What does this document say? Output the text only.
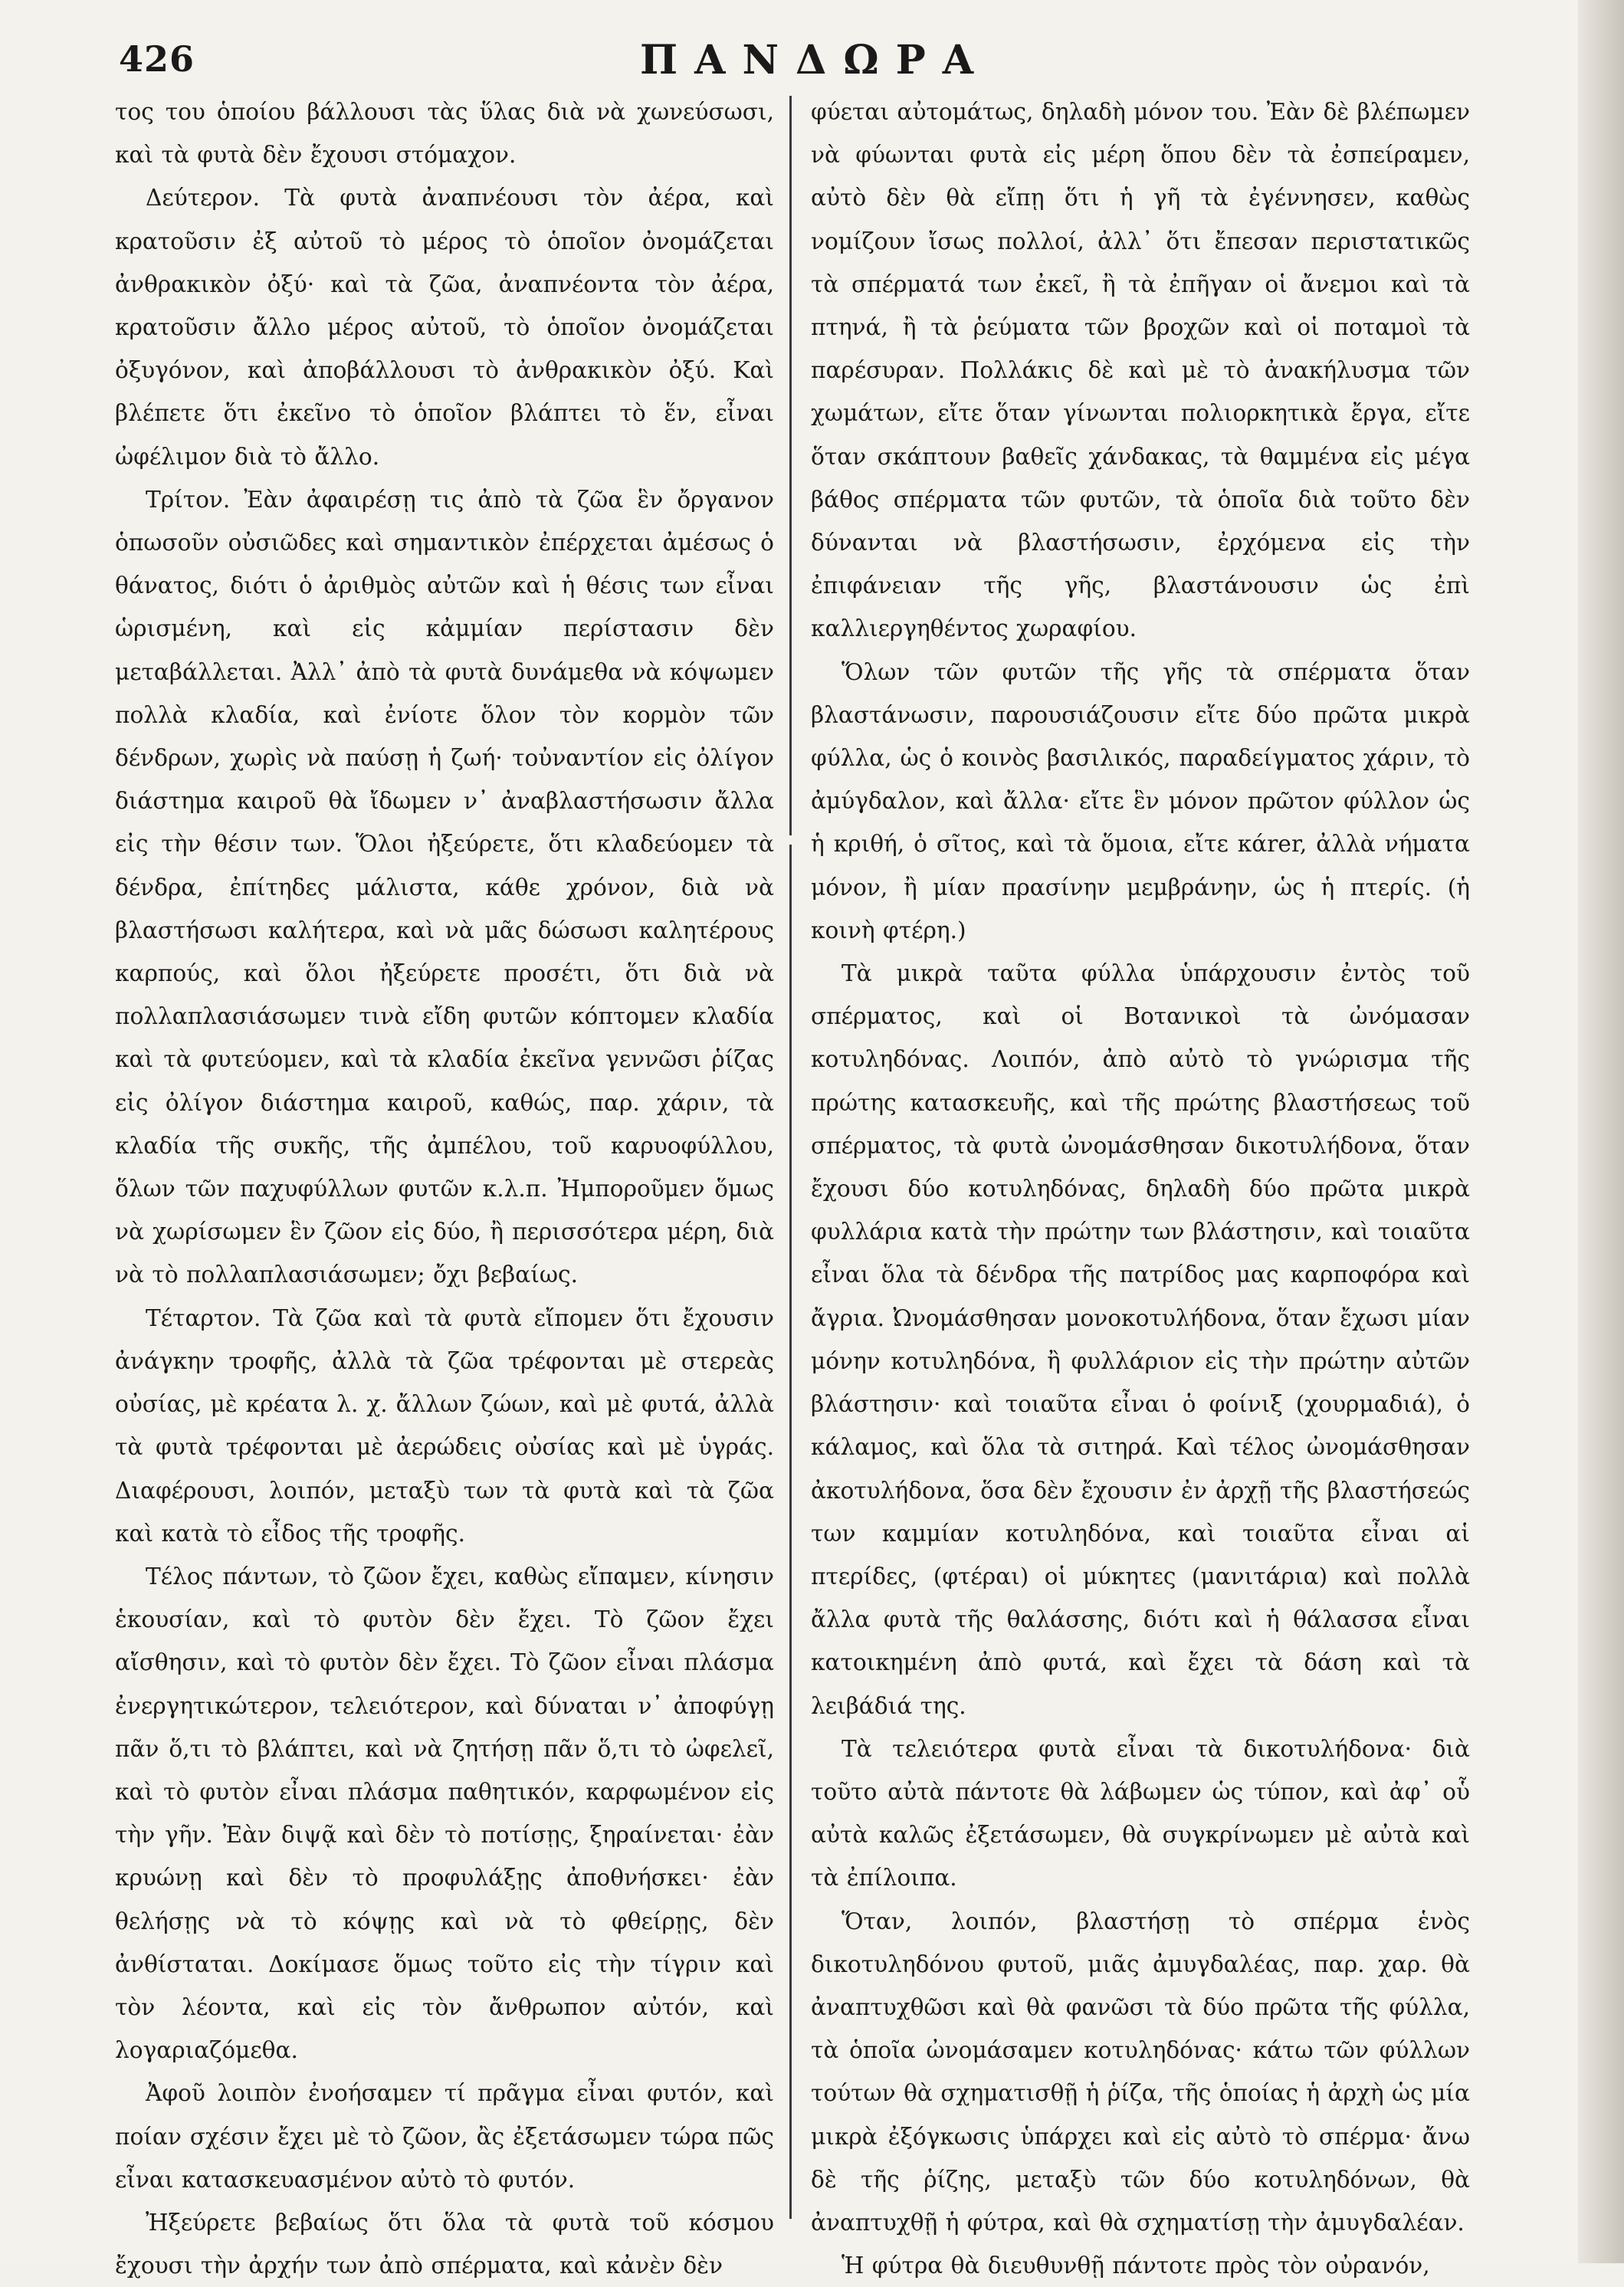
426	ΠΑΝΔΩΡΑ

τος του ὁποίου βάλλουσι τὰς ὕλας διὰ νὰ χωνεύσωσι, καὶ τὰ φυτὰ δὲν ἔχουσι στόμαχον.

Δεύτερον. Τὰ φυτὰ ἀναπνέουσι τὸν ἀέρα, καὶ κρατοῦσιν ἐξ αὐτοῦ τὸ μέρος τὸ ὁποῖον ὀνομάζεται ἀνθρακικὸν ὀξύ· καὶ τὰ ζῶα, ἀναπνέοντα τὸν ἀέρα, κρατοῦσιν ἄλλο μέρος αὐτοῦ, τὸ ὁποῖον ὀνομάζεται ὀξυγόνον, καὶ ἀποβάλλουσι τὸ ἀνθρακικὸν ὀξύ. Καὶ βλέπετε ὅτι ἐκεῖνο τὸ ὁποῖον βλάπτει τὸ ἕν, εἶναι ὠφέλιμον διὰ τὸ ἄλλο.

Τρίτον. Ἐὰν ἀφαιρέσῃ τις ἀπὸ τὰ ζῶα ἓν ὄργανον ὁπωσοῦν οὐσιῶδες καὶ σημαντικὸν ἐπέρχεται ἀμέσως ὁ θάνατος, διότι ὁ ἀριθμὸς αὐτῶν καὶ ἡ θέσις των εἶναι ὡρισμένη, καὶ εἰς κἀμμίαν περίστασιν δὲν μεταβάλλεται. Ἀλλ᾽ ἀπὸ τὰ φυτὰ δυνάμεθα νὰ κόψωμεν πολλὰ κλαδία, καὶ ἐνίοτε ὅλον τὸν κορμὸν τῶν δένδρων, χωρὶς νὰ παύσῃ ἡ ζωή· τοὐναντίον εἰς ὀλίγον διάστημα καιροῦ θὰ ἴδωμεν ν᾽ ἀναβλαστήσωσιν ἄλλα εἰς τὴν θέσιν των. Ὅλοι ἠξεύρετε, ὅτι κλαδεύομεν τὰ δένδρα, ἐπίτηδες μάλιστα, κάθε χρόνον, διὰ νὰ βλαστήσωσι καλήτερα, καὶ νὰ μᾶς δώσωσι καλητέρους καρπούς, καὶ ὅλοι ἠξεύρετε προσέτι, ὅτι διὰ νὰ πολλαπλασιάσωμεν τινὰ εἴδη φυτῶν κόπτομεν κλαδία καὶ τὰ φυτεύομεν, καὶ τὰ κλαδία ἐκεῖνα γεννῶσι ῥίζας εἰς ὀλίγον διάστημα καιροῦ, καθώς, παρ. χάριν, τὰ κλαδία τῆς συκῆς, τῆς ἀμπέλου, τοῦ καρυοφύλλου, ὅλων τῶν παχυφύλλων φυτῶν κ.λ.π. Ἠμποροῦμεν ὅμως νὰ χωρίσωμεν ἓν ζῶον εἰς δύο, ἢ περισσότερα μέρη, διὰ νὰ τὸ πολλαπλασιάσωμεν; ὄχι βεβαίως.

Τέταρτον. Τὰ ζῶα καὶ τὰ φυτὰ εἴπομεν ὅτι ἔχουσιν ἀνάγκην τροφῆς, ἀλλὰ τὰ ζῶα τρέφονται μὲ στερεὰς οὐσίας, μὲ κρέατα λ. χ. ἄλλων ζώων, καὶ μὲ φυτά, ἀλλὰ τὰ φυτὰ τρέφονται μὲ ἀερώδεις οὐσίας καὶ μὲ ὑγράς. Διαφέρουσι, λοιπόν, μεταξὺ των τὰ φυτὰ καὶ τὰ ζῶα καὶ κατὰ τὸ εἶδος τῆς τροφῆς.

Τέλος πάντων, τὸ ζῶον ἔχει, καθὼς εἴπαμεν, κίνησιν ἑκουσίαν, καὶ τὸ φυτὸν δὲν ἔχει. Τὸ ζῶον ἔχει αἴσθησιν, καὶ τὸ φυτὸν δὲν ἔχει. Τὸ ζῶον εἶναι πλάσμα ἐνεργητικώτερον, τελειότερον, καὶ δύναται ν᾽ ἀποφύγῃ πᾶν ὅ,τι τὸ βλάπτει, καὶ νὰ ζητήσῃ πᾶν ὅ,τι τὸ ὠφελεῖ, καὶ τὸ φυτὸν εἶναι πλάσμα παθητικόν, καρφωμένον εἰς τὴν γῆν. Ἐὰν διψᾷ καὶ δὲν τὸ ποτίσῃς, ξηραίνεται· ἐὰν κρυώνῃ καὶ δὲν τὸ προφυλάξῃς ἀποθνήσκει· ἐὰν θελήσῃς νὰ τὸ κόψῃς καὶ νὰ τὸ φθείρῃς, δὲν ἀνθίσταται. Δοκίμασε ὅμως τοῦτο εἰς τὴν τίγριν καὶ τὸν λέοντα, καὶ εἰς τὸν ἄνθρωπον αὐτόν, καὶ λογαριαζόμεθα.

Ἀφοῦ λοιπὸν ἐνοήσαμεν τί πρᾶγμα εἶναι φυτόν, καὶ ποίαν σχέσιν ἔχει μὲ τὸ ζῶον, ἂς ἐξετάσωμεν τώρα πῶς εἶναι κατασκευασμένον αὐτὸ τὸ φυτόν.

Ἠξεύρετε βεβαίως ὅτι ὅλα τὰ φυτὰ τοῦ κόσμου ἔχουσι τὴν ἀρχήν των ἀπὸ σπέρματα, καὶ κἀνὲν δὲν

φύεται αὐτομάτως, δηλαδὴ μόνον του. Ἐὰν δὲ βλέπωμεν νὰ φύωνται φυτὰ εἰς μέρη ὅπου δὲν τὰ ἐσπείραμεν, αὐτὸ δὲν θὰ εἴπῃ ὅτι ἡ γῆ τὰ ἐγέννησεν, καθὼς νομίζουν ἴσως πολλοί, ἀλλ᾽ ὅτι ἔπεσαν περιστατικῶς τὰ σπέρματά των ἐκεῖ, ἢ τὰ ἐπῆγαν οἱ ἄνεμοι καὶ τὰ πτηνά, ἢ τὰ ῥεύματα τῶν βροχῶν καὶ οἱ ποταμοὶ τὰ παρέσυραν. Πολλάκις δὲ καὶ μὲ τὸ ἀνακήλυσμα τῶν χωμάτων, εἴτε ὅταν γίνωνται πολιορκητικὰ ἔργα, εἴτε ὅταν σκάπτουν βαθεῖς χάνδακας, τὰ θαμμένα εἰς μέγα βάθος σπέρματα τῶν φυτῶν, τὰ ὁποῖα διὰ τοῦτο δὲν δύνανται νὰ βλαστήσωσιν, ἐρχόμενα εἰς τὴν ἐπιφάνειαν τῆς γῆς, βλαστάνουσιν ὡς ἐπὶ καλλιεργηθέντος χωραφίου.

Ὅλων τῶν φυτῶν τῆς γῆς τὰ σπέρματα ὅταν βλαστάνωσιν, παρουσιάζουσιν εἴτε δύο πρῶτα μικρὰ φύλλα, ὡς ὁ κοινὸς βασιλικός, παραδείγματος χάριν, τὸ ἀμύγδαλον, καὶ ἄλλα· εἴτε ἓν μόνον πρῶτον φύλλον ὡς ἡ κριθή, ὁ σῖτος, καὶ τὰ ὅμοια, εἴτε κάrer, ἀλλὰ νήματα μόνον, ἢ μίαν πρασίνην μεμβράνην, ὡς ἡ πτερίς. (ἡ κοινὴ φτέρη.)

Τὰ μικρὰ ταῦτα φύλλα ὑπάρχουσιν ἐντὸς τοῦ σπέρματος, καὶ οἱ Βοτανικοὶ τὰ ὠνόμασαν κοτυληδόνας. Λοιπόν, ἀπὸ αὐτὸ τὸ γνώρισμα τῆς πρώτης κατασκευῆς, καὶ τῆς πρώτης βλαστήσεως τοῦ σπέρματος, τὰ φυτὰ ὠνομάσθησαν δικοτυλήδονα, ὅταν ἔχουσι δύο κοτυληδόνας, δηλαδὴ δύο πρῶτα μικρὰ φυλλάρια κατὰ τὴν πρώτην των βλάστησιν, καὶ τοιαῦτα εἶναι ὅλα τὰ δένδρα τῆς πατρίδος μας καρποφόρα καὶ ἄγρια. Ὠνομάσθησαν μονοκοτυλήδονα, ὅταν ἔχωσι μίαν μόνην κοτυληδόνα, ἢ φυλλάριον εἰς τὴν πρώτην αὐτῶν βλάστησιν· καὶ τοιαῦτα εἶναι ὁ φοίνιξ (χουρμαδιά), ὁ κάλαμος, καὶ ὅλα τὰ σιτηρά. Καὶ τέλος ὠνομάσθησαν ἀκοτυλήδονα, ὅσα δὲν ἔχουσιν ἐν ἀρχῇ τῆς βλαστήσεώς των καμμίαν κοτυληδόνα, καὶ τοιαῦτα εἶναι αἱ πτερίδες, (φτέραι) οἱ μύκητες (μανιτάρια) καὶ πολλὰ ἄλλα φυτὰ τῆς θαλάσσης, διότι καὶ ἡ θάλασσα εἶναι κατοικημένη ἀπὸ φυτά, καὶ ἔχει τὰ δάση καὶ τὰ λειβάδιά της.

Τὰ τελειότερα φυτὰ εἶναι τὰ δικοτυλήδονα· διὰ τοῦτο αὐτὰ πάντοτε θὰ λάβωμεν ὡς τύπον, καὶ ἀφ᾽ οὗ αὐτὰ καλῶς ἐξετάσωμεν, θὰ συγκρίνωμεν μὲ αὐτὰ καὶ τὰ ἐπίλοιπα.

Ὅταν, λοιπόν, βλαστήσῃ τὸ σπέρμα ἑνὸς δικοτυληδόνου φυτοῦ, μιᾶς ἀμυγδαλέας, παρ. χαρ. θὰ ἀναπτυχθῶσι καὶ θὰ φανῶσι τὰ δύο πρῶτα τῆς φύλλα, τὰ ὁποῖα ὠνομάσαμεν κοτυληδόνας· κάτω τῶν φύλλων τούτων θὰ σχηματισθῇ ἡ ῥίζα, τῆς ὁποίας ἡ ἀρχὴ ὡς μία μικρὰ ἐξόγκωσις ὑπάρχει καὶ εἰς αὐτὸ τὸ σπέρμα· ἄνω δὲ τῆς ῥίζης, μεταξὺ τῶν δύο κοτυληδόνων, θὰ ἀναπτυχθῇ ἡ φύτρα, καὶ θὰ σχηματίσῃ τὴν ἀμυγδαλέαν.

Ἡ φύτρα θὰ διευθυνθῇ πάντοτε πρὸς τὸν οὐρανόν,
